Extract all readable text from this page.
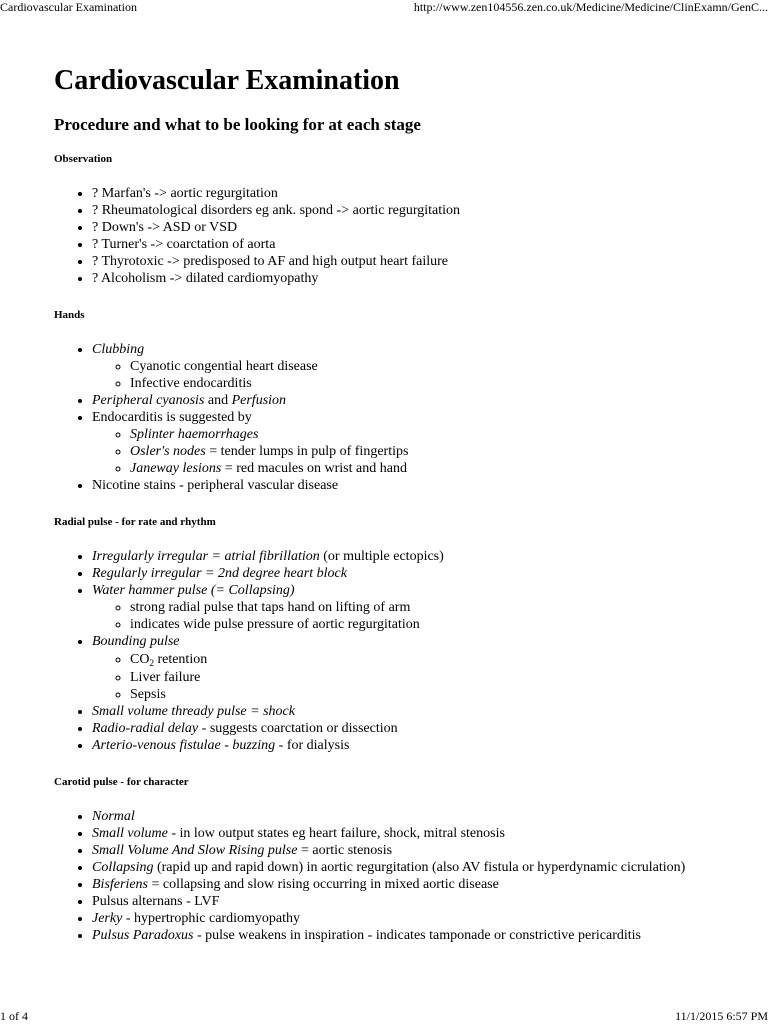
Cardiovascular Examination	http://www.zen104556.zen.co.uk/Medicine/Medicine/ClinExamn/GenC...
Cardiovascular Examination
Procedure and what to be looking for at each stage
Observation
• ? Marfan's -> aortic regurgitation
• ? Rheumatological disorders eg ank. spond -> aortic regurgitation
• ? Down's -> ASD or VSD
• ? Turner's -> coarctation of aorta
• ? Thyrotoxic -> predisposed to AF and high output heart failure
• ? Alcoholism -> dilated cardiomyopathy
Hands
• Clubbing
◦ Cyanotic congential heart disease
◦ Infective endocarditis
• Peripheral cyanosis and Perfusion
• Endocarditis is suggested by
◦ Splinter haemorrhages
◦ Osler's nodes = tender lumps in pulp of fingertips
◦ Janeway lesions = red macules on wrist and hand
• Nicotine stains - peripheral vascular disease
Radial pulse - for rate and rhythm
• Irregularly irregular = atrial fibrillation (or multiple ectopics)
• Regularly irregular = 2nd degree heart block
• Water hammer pulse (= Collapsing)
◦ strong radial pulse that taps hand on lifting of arm
◦ indicates wide pulse pressure of aortic regurgitation
• Bounding pulse
◦ $CO_2$ retention
◦ Liver failure
◦ Sepsis
• Small volume thready pulse = shock
• Radio-radial delay - suggests coarctation or dissection
• Arterio-venous fistulae - buzzing - for dialysis
Carotid pulse - for character
• Normal
• Small volume - in low output states eg heart failure, shock, mitral stenosis
• Small Volume And Slow Rising pulse = aortic stenosis
• Collapsing (rapid up and rapid down) in aortic regurgitation (also AV fistula or hyperdynamic cicrulation)
• Bisferiens = collapsing and slow rising occurring in mixed aortic disease
• Pulsus alternans - LVF
• Jerky - hypertrophic cardiomyopathy
• Pulsus Paradoxus - pulse weakens in inspiration - indicates tamponade or constrictive pericarditis
1 of 4	11/1/2015 6:57 PM
